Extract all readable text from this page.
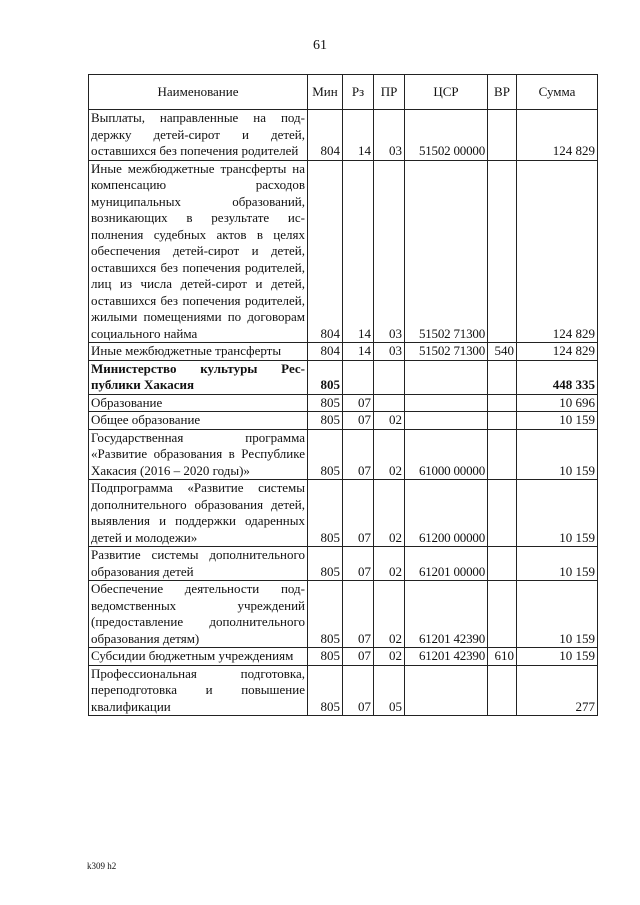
61
Наименование	Мин	Рз	ПР	ЦСР	ВР	Сумма
Выплаты, направленные на поддержку детей-сирот и детей, оставшихся без попечения родителей	804	14	03	51502 00000		124 829
Иные межбюджетные трансферты на компенсацию расходов муниципальных образований, возникающих в результате исполнения судебных актов в целях обеспечения детей-сирот и детей, оставшихся без попечения родителей, лиц из числа детей-сирот и детей, оставшихся без попечения родителей, жилыми помещениями по договорам социального найма	804	14	03	51502 71300		124 829
Иные межбюджетные трансферты	804	14	03	51502 71300	540	124 829
Министерство культуры Республики Хакасия	805					448 335
Образование	805	07				10 696
Общее образование	805	07	02			10 159
Государственная программа «Развитие образования в Республике Хакасия (2016 – 2020 годы)»	805	07	02	61000 00000		10 159
Подпрограмма «Развитие системы дополнительного образования детей, выявления и поддержки одаренных детей и молодежи»	805	07	02	61200 00000		10 159
Развитие системы дополнительного образования детей	805	07	02	61201 00000		10 159
Обеспечение деятельности подведомственных учреждений (предоставление дополнительного образования детям)	805	07	02	61201 42390		10 159
Субсидии бюджетным учреждениям	805	07	02	61201 42390	610	10 159
Профессиональная подготовка, переподготовка и повышение квалификации	805	07	05			277
k309 h2
